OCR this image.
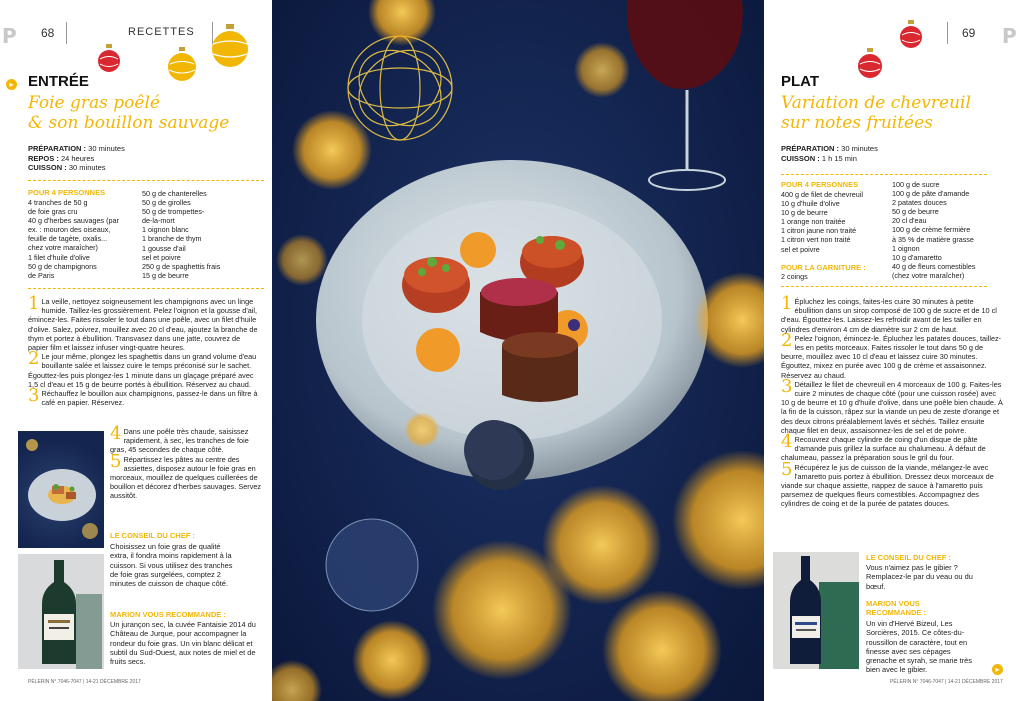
P 68	RECETTES
▸ ENTRÉE
Foie gras poêlé
& son bouillon sauvage
PRÉPARATION : 30 minutes
REPOS : 24 heures
CUISSON : 30 minutes
POUR 4 PERSONNES
4 tranches de 50 g
de foie gras cru
40 g d'herbes sauvages (par
ex. : mouron des oiseaux,
feuille de tagète, oxalis...
chez votre maraîcher)
1 filet d'huile d'olive
50 g de champignons
de Paris
50 g de chanterelles
50 g de girolles
50 g de trompettes-
de-la-mort
1 oignon blanc
1 branche de thym
1 gousse d'ail
sel et poivre
250 g de spaghettis frais
15 g de beurre

1 La veille, nettoyez soigneusement les champignons avec un linge humide. Taillez-les grossièrement. Pelez l'oignon et la gousse d'ail, émincez-les. Faites rissoler le tout dans une poêle, avec un filet d'huile d'olive. Salez, poivrez, mouillez avec 20 cl d'eau, ajoutez la branche de thym et portez à ébullition. Transvasez dans une jatte, couvrez de papier film et laissez infuser vingt-quatre heures.

2 Le jour même, plongez les spaghettis dans un grand volume d'eau bouillante salée et laissez cuire le temps préconisé sur le sachet. Égouttez-les puis plongez-les 1 minute dans un glaçage préparé avec 1,5 cl d'eau et 15 g de beurre portés à ébullition. Réservez au chaud.

3 Réchauffez le bouillon aux champignons, passez-le dans un filtre à café en papier. Réservez.

4 Dans une poêle très chaude, saisissez rapidement, à sec, les tranches de foie gras, 45 secondes de chaque côté.

5 Répartissez les pâtes au centre des assiettes, disposez autour le foie gras en morceaux, mouillez de quelques cuillerées de bouillon et décorez d'herbes sauvages. Servez aussitôt.

LE CONSEIL DU CHEF :
Choisissez un foie gras de qualité extra, il fondra moins rapidement à la cuisson. Si vous utilisez des tranches de foie gras surgelées, comptez 2 minutes de cuisson de chaque côté.
MARION VOUS RECOMMANDE :
Un jurançon sec, la cuvée Fantaisie 2014 du Château de Jurque, pour accompagner la rondeur du foie gras. Un vin blanc délicat et subtil du Sud-Ouest, aux notes de miel et de fruits secs.
PÈLERIN N° 7046-7047 | 14-21 DÉCEMBRE 2017
69 P
PLAT
Variation de chevreuil
sur notes fruitées
PRÉPARATION : 30 minutes
CUISSON : 1 h 15 min
POUR 4 PERSONNES
400 g de filet de chevreuil
10 g d'huile d'olive
10 g de beurre
1 orange non traitée
1 citron jaune non traité
1 citron vert non traité
sel et poivre
100 g de sucre
100 g de pâte d'amande
2 patates douces
50 g de beurre
20 cl d'eau
100 g de crème fermière
à 35 % de matière grasse
1 oignon
10 g d'amaretto
40 g de fleurs comestibles
(chez votre maraîcher)
POUR LA GARNITURE :
2 coings

1 Épluchez les coings, faites-les cuire 30 minutes à petite ébullition dans un sirop composé de 100 g de sucre et de 10 cl d'eau. Égouttez-les. Laissez-les refroidir avant de les tailler en cylindres d'environ 4 cm de diamètre sur 2 cm de haut.

2 Pelez l'oignon, émincez-le. Épluchez les patates douces, taillez-les en petits morceaux. Faites rissoler le tout dans 50 g de beurre, mouillez avec 10 cl d'eau et laissez cuire 30 minutes. Égouttez, mixez en purée avec 100 g de crème et assaisonnez. Réservez au chaud.

3 Détaillez le filet de chevreuil en 4 morceaux de 100 g. Faites-les cuire 2 minutes de chaque côté (pour une cuisson rosée) avec 10 g de beurre et 10 g d'huile d'olive, dans une poêle bien chaude. À la fin de la cuisson, râpez sur la viande un peu de zeste d'orange et des deux citrons préalablement lavés et séchés. Taillez ensuite chaque filet en deux, assaisonnez-les de sel et de poivre.

4 Recouvrez chaque cylindre de coing d'un disque de pâte d'amande puis grillez la surface au chalumeau. À défaut de chalumeau, passez la préparation sous le gril du four.

5 Récupérez le jus de cuisson de la viande, mélangez-le avec l'amaretto puis portez à ébullition. Dressez deux morceaux de viande sur chaque assiette, nappez de sauce à l'amaretto puis parsemez de quelques fleurs comestibles. Accompagnez des cylindres de coing et de la purée de patates douces.

LE CONSEIL DU CHEF :
Vous n'aimez pas le gibier ? Remplacez-le par du veau ou du bœuf.
MARION VOUS RECOMMANDE :
Un vin d'Hervé Bizeul, Les Sorcières, 2015. Ce côtes-du-roussillon de caractère, tout en finesse avec ses cépages grenache et syrah, se marie très bien avec le gibier.	▸
PÈLERIN N° 7046-7047 | 14-21 DÉCEMBRE 2017
